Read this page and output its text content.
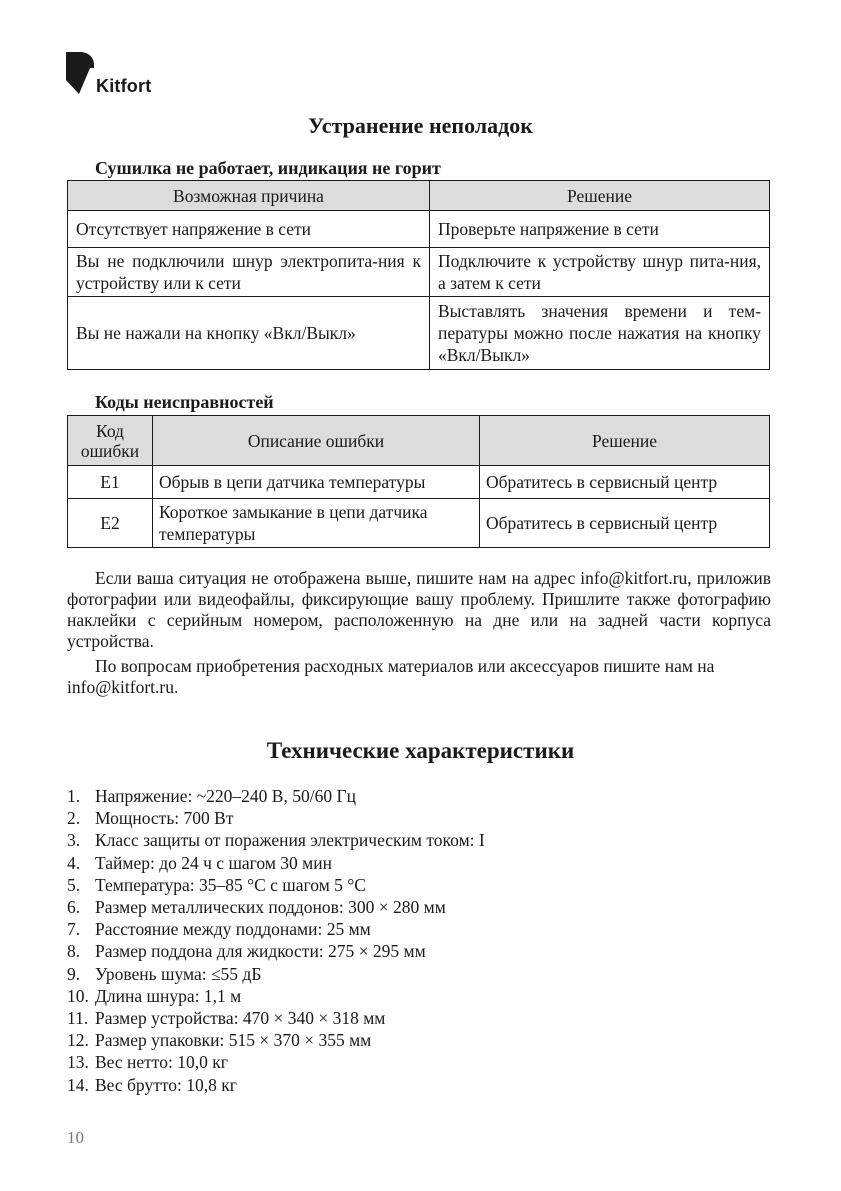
Kitfort
Устранение неполадок
Сушилка не работает, индикация не горит
Возможная причина	Решение
Отсутствует напряжение в сети	Проверьте напряжение в сети
Вы не подключили шнур электропита-ния к устройству или к сети	Подключите к устройству шнур пита-ния, а затем к сети
Вы не нажали на кнопку «Вкл/Выкл»	Выставлять значения времени и тем-пературы можно после нажатия на кнопку «Вкл/Выкл»
Коды неисправностей
Код ошибки	Описание ошибки	Решение
E1	Обрыв в цепи датчика температуры	Обратитесь в сервисный центр
E2	Короткое замыкание в цепи датчика температуры	Обратитесь в сервисный центр

Если ваша ситуация не отображена выше, пишите нам на адрес info@kitfort.ru, приложив фотографии или видеофайлы, фиксирующие вашу проблему. Пришлите также фотографию наклейки с серийным номером, расположенную на дне или на задней части корпуса устройства.

По вопросам приобретения расходных материалов или аксессуаров пишите нам на info@kitfort.ru.

Технические характеристики
1. Напряжение: ~220–240 В, 50/60 Гц
2. Мощность: 700 Вт
3. Класс защиты от поражения электрическим током: I
4. Таймер: до 24 ч с шагом 30 мин
5. Температура: 35–85 °C с шагом 5 °C
6. Размер металлических поддонов: 300 × 280 мм
7. Расстояние между поддонами: 25 мм
8. Размер поддона для жидкости: 275 × 295 мм
9. Уровень шума: ≤55 дБ
10. Длина шнура: 1,1 м
11. Размер устройства: 470 × 340 × 318 мм
12. Размер упаковки: 515 × 370 × 355 мм
13. Вес нетто: 10,0 кг
14. Вес брутто: 10,8 кг
10
